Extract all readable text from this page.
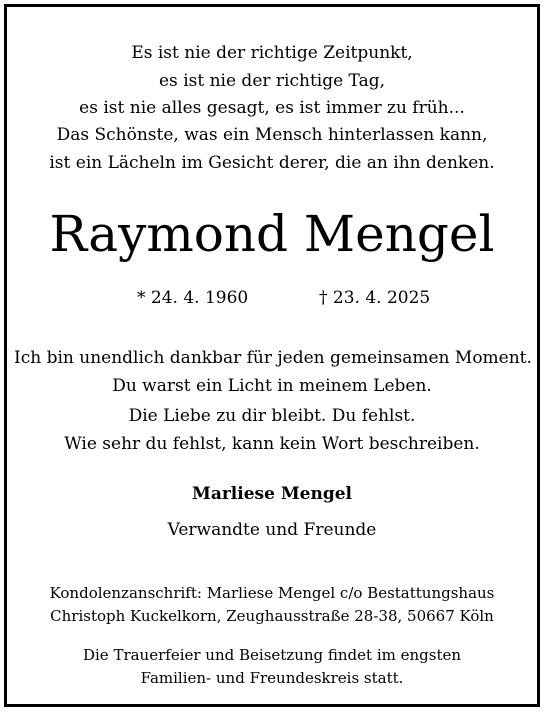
Es ist nie der richtige Zeitpunkt,
es ist nie der richtige Tag,
es ist nie alles gesagt, es ist immer zu früh...
Das Schönste, was ein Mensch hinterlassen kann,
ist ein Lächeln im Gesicht derer, die an ihn denken.
Raymond Mengel
* 24. 4. 1960	† 23. 4. 2025
Ich bin unendlich dankbar für jeden gemeinsamen Moment.
Du warst ein Licht in meinem Leben.
Die Liebe zu dir bleibt. Du fehlst.
Wie sehr du fehlst, kann kein Wort beschreiben.
Marliese Mengel
Verwandte und Freunde
Kondolenzanschrift: Marliese Mengel c/o Bestattungshaus
Christoph Kuckelkorn, Zeughausstraße 28-38, 50667 Köln
Die Trauerfeier und Beisetzung findet im engsten
Familien- und Freundeskreis statt.
